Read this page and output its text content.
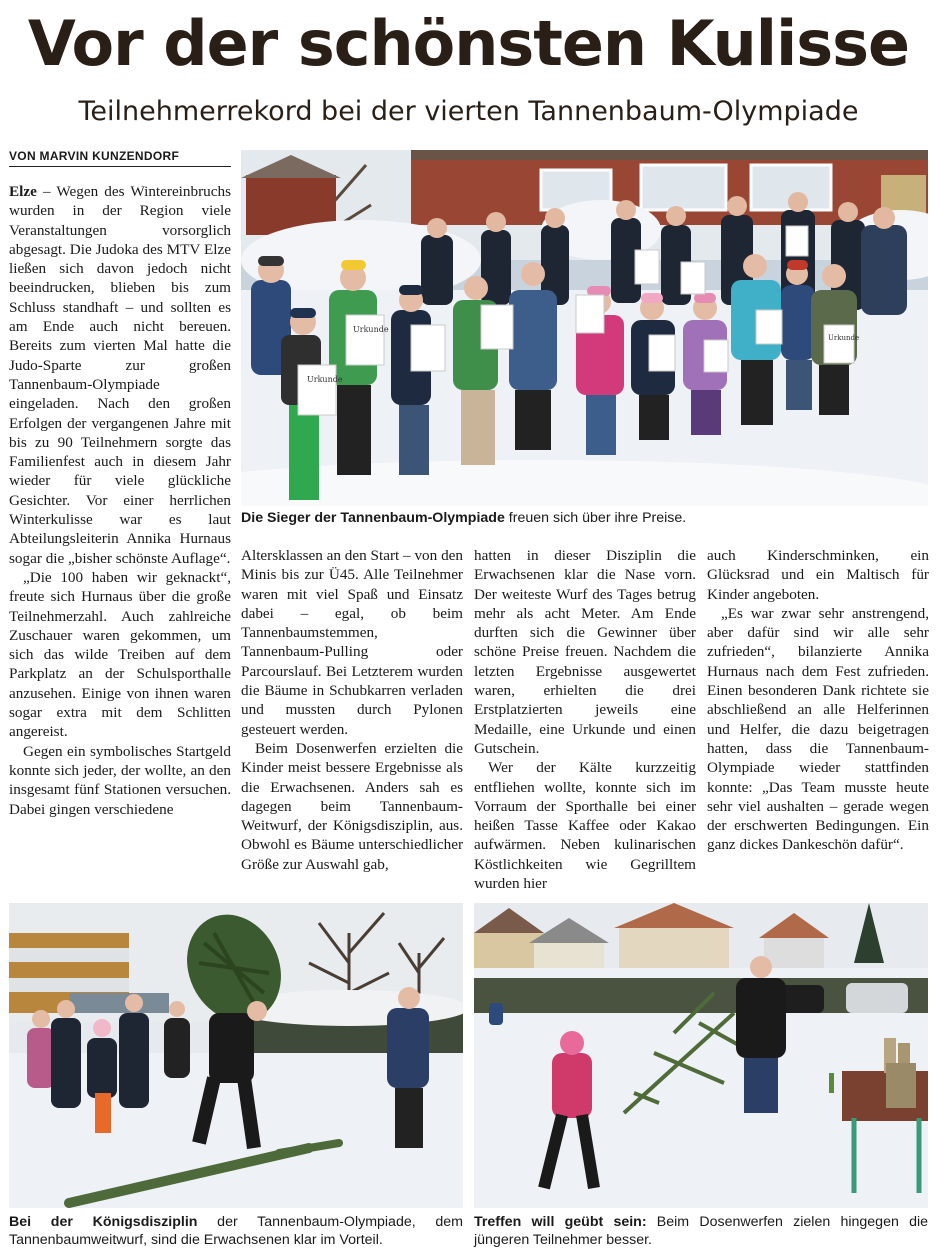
Vor der schönsten Kulisse
Teilnehmerrekord bei der vierten Tannenbaum-Olympiade
VON MARVIN KUNZENDORF

Elze – Wegen des Wintereinbruchs wurden in der Region viele Veranstaltungen vorsorglich abgesagt. Die Judoka des MTV Elze ließen sich davon jedoch nicht beeindrucken, blieben bis zum Schluss standhaft – und sollten es am Ende auch nicht bereuen. Bereits zum vierten Mal hatte die Judo-Sparte zur großen Tannenbaum-Olympiade eingeladen. Nach den großen Erfolgen der vergangenen Jahre mit bis zu 90 Teilnehmern sorgte das Familienfest auch in diesem Jahr wieder für viele glückliche Gesichter. Vor einer herrlichen Winterkulisse war es laut Abteilungsleiterin Annika Hurnaus sogar die „bisher schönste Auflage“.

„Die 100 haben wir geknackt“, freute sich Hurnaus über die große Teilnehmerzahl. Auch zahlreiche Zuschauer waren gekommen, um sich das wilde Treiben auf dem Parkplatz an der Schulsporthalle anzusehen. Einige von ihnen waren sogar extra mit dem Schlitten angereist.

Gegen ein symbolisches Startgeld konnte sich jeder, der wollte, an den insgesamt fünf Stationen versuchen. Dabei gingen verschiedene

Urkunde
Urkunde
Urkunde
Die Sieger der Tannenbaum-Olympiade freuen sich über ihre Preise.

Altersklassen an den Start – von den Minis bis zur Ü45. Alle Teilnehmer waren mit viel Spaß und Einsatz dabei – egal, ob beim Tannenbaumstemmen, Tannenbaum-Pulling oder Parcourslauf. Bei Letzterem wurden die Bäume in Schubkarren verladen und mussten durch Pylonen gesteuert werden.

Beim Dosenwerfen erzielten die Kinder meist bessere Ergebnisse als die Erwachsenen. Anders sah es dagegen beim Tannenbaum-Weitwurf, der Königsdisziplin, aus. Obwohl es Bäume unterschiedlicher Größe zur Auswahl gab,

hatten in dieser Disziplin die Erwachsenen klar die Nase vorn. Der weiteste Wurf des Tages betrug mehr als acht Meter. Am Ende durften sich die Gewinner über schöne Preise freuen. Nachdem die letzten Ergebnisse ausgewertet waren, erhielten die drei Erstplatzierten jeweils eine Medaille, eine Urkunde und einen Gutschein.

Wer der Kälte kurzzeitig entfliehen wollte, konnte sich im Vorraum der Sporthalle bei einer heißen Tasse Kaffee oder Kakao aufwärmen. Neben kulinarischen Köstlichkeiten wie Gegrilltem wurden hier

auch Kinderschminken, ein Glücksrad und ein Maltisch für Kinder angeboten.

„Es war zwar sehr anstrengend, aber dafür sind wir alle sehr zufrieden“, bilanzierte Annika Hurnaus nach dem Fest zufrieden. Einen besonderen Dank richtete sie abschließend an alle Helferinnen und Helfer, die dazu beigetragen hatten, dass die Tannenbaum-Olympiade wieder stattfinden konnte: „Das Team musste heute sehr viel aushalten – gerade wegen der erschwerten Bedingungen. Ein ganz dickes Dankeschön dafür“.

Bei der Königsdisziplin der Tannenbaum-Olympiade, dem Tannenbaumweitwurf, sind die Erwachsenen klar im Vorteil.
Treffen will geübt sein: Beim Dosenwerfen zielen hingegen die jüngeren Teilnehmer besser.
